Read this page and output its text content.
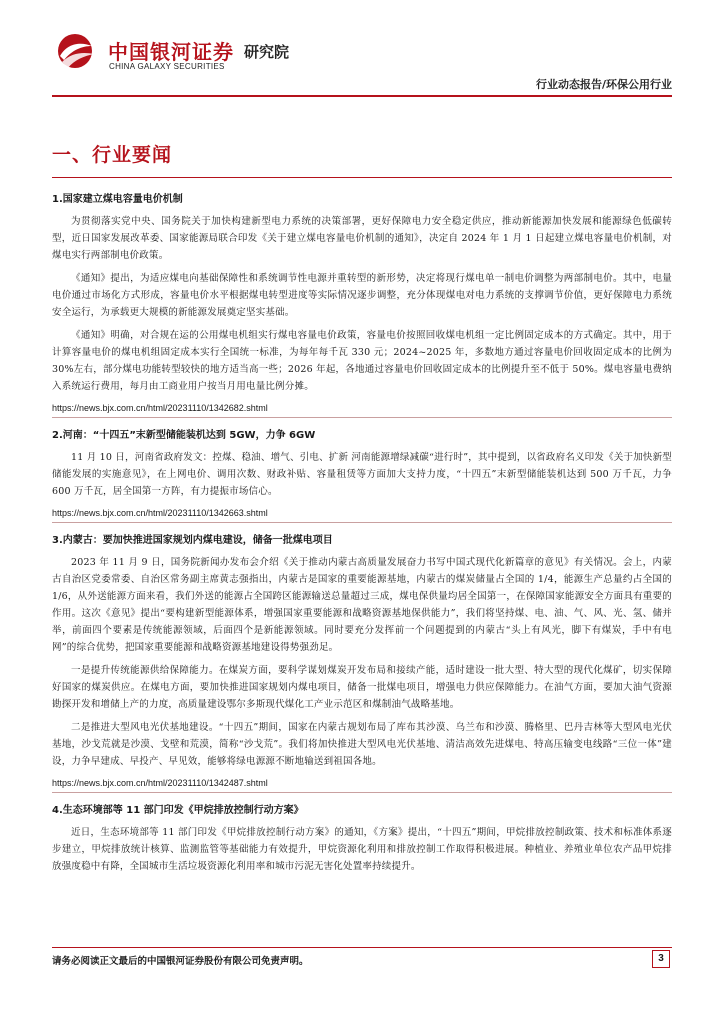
中国银河证券
CHINA GALAXY SECURITIES
研究院
行业动态报告/环保公用行业
一、行业要闻
1.国家建立煤电容量电价机制

为贯彻落实党中央、国务院关于加快构建新型电力系统的决策部署，更好保障电力安全稳定供应，推动新能源加快发展和能源绿色低碳转型，近日国家发展改革委、国家能源局联合印发《关于建立煤电容量电价机制的通知》，决定自 2024 年 1 月 1 日起建立煤电容量电价机制，对煤电实行两部制电价政策。

《通知》提出，为适应煤电向基础保障性和系统调节性电源并重转型的新形势，决定将现行煤电单一制电价调整为两部制电价。其中，电量电价通过市场化方式形成，容量电价水平根据煤电转型进度等实际情况逐步调整，充分体现煤电对电力系统的支撑调节价值，更好保障电力系统安全运行，为承载更大规模的新能源发展奠定坚实基础。

《通知》明确，对合规在运的公用煤电机组实行煤电容量电价政策，容量电价按照回收煤电机组一定比例固定成本的方式确定。其中，用于计算容量电价的煤电机组固定成本实行全国统一标准，为每年每千瓦 330 元；2024~2025 年，多数地方通过容量电价回收固定成本的比例为 30%左右，部分煤电功能转型较快的地方适当高一些；2026 年起，各地通过容量电价回收固定成本的比例提升至不低于 50%。煤电容量电费纳入系统运行费用，每月由工商业用户按当月用电量比例分摊。

https://news.bjx.com.cn/html/20231110/1342682.shtml
2.河南：“十四五”末新型储能装机达到 5GW，力争 6GW

11 月 10 日，河南省政府发文：控煤、稳油、增气、引电、扩新 河南能源增绿减碳“进行时”，其中提到，以省政府名义印发《关于加快新型储能发展的实施意见》，在上网电价、调用次数、财政补贴、容量租赁等方面加大支持力度，“十四五”末新型储能装机达到 500 万千瓦，力争 600 万千瓦，居全国第一方阵，有力提振市场信心。

https://news.bjx.com.cn/html/20231110/1342663.shtml
3.内蒙古：要加快推进国家规划内煤电建设，储备一批煤电项目

2023 年 11 月 9 日，国务院新闻办发布会介绍《关于推动内蒙古高质量发展奋力书写中国式现代化新篇章的意见》有关情况。会上，内蒙古自治区党委常委、自治区常务副主席黄志强指出，内蒙古是国家的重要能源基地，内蒙古的煤炭储量占全国的 1/4，能源生产总量约占全国的 1/6，从外送能源方面来看，我们外送的能源占全国跨区能源输送总量超过三成，煤电保供量均居全国第一，在保障国家能源安全方面具有重要的作用。这次《意见》提出“要构建新型能源体系，增强国家重要能源和战略资源基地保供能力”，我们将坚持煤、电、油、气、风、光、氢、储并举，前面四个要素是传统能源领域，后面四个是新能源领域。同时要充分发挥前一个问题提到的内蒙古“头上有风光，脚下有煤炭，手中有电网”的综合优势，把国家重要能源和战略资源基地建设得势强劲足。

一是提升传统能源供给保障能力。在煤炭方面，要科学谋划煤炭开发布局和接续产能，适时建设一批大型、特大型的现代化煤矿，切实保障好国家的煤炭供应。在煤电方面，要加快推进国家规划内煤电项目，储备一批煤电项目，增强电力供应保障能力。在油气方面，要加大油气资源勘探开发和增储上产的力度，高质量建设鄂尔多斯现代煤化工产业示范区和煤制油气战略基地。

二是推进大型风电光伏基地建设。“十四五”期间，国家在内蒙古规划布局了库布其沙漠、乌兰布和沙漠、腾格里、巴丹吉林等大型风电光伏基地，沙戈荒就是沙漠、戈壁和荒漠，简称“沙戈荒”。我们将加快推进大型风电光伏基地、清洁高效先进煤电、特高压输变电线路“三位一体”建设，力争早建成、早投产、早见效，能够将绿电源源不断地输送到祖国各地。

https://news.bjx.com.cn/html/20231110/1342487.shtml
4.生态环境部等 11 部门印发《甲烷排放控制行动方案》

近日，生态环境部等 11 部门印发《甲烷排放控制行动方案》的通知，《方案》提出，“十四五”期间，甲烷排放控制政策、技术和标准体系逐步建立，甲烷排放统计核算、监测监管等基础能力有效提升，甲烷资源化利用和排放控制工作取得积极进展。种植业、养殖业单位农产品甲烷排放强度稳中有降，全国城市生活垃圾资源化利用率和城市污泥无害化处置率持续提升。

请务必阅读正文最后的中国银河证券股份有限公司免责声明。	3
